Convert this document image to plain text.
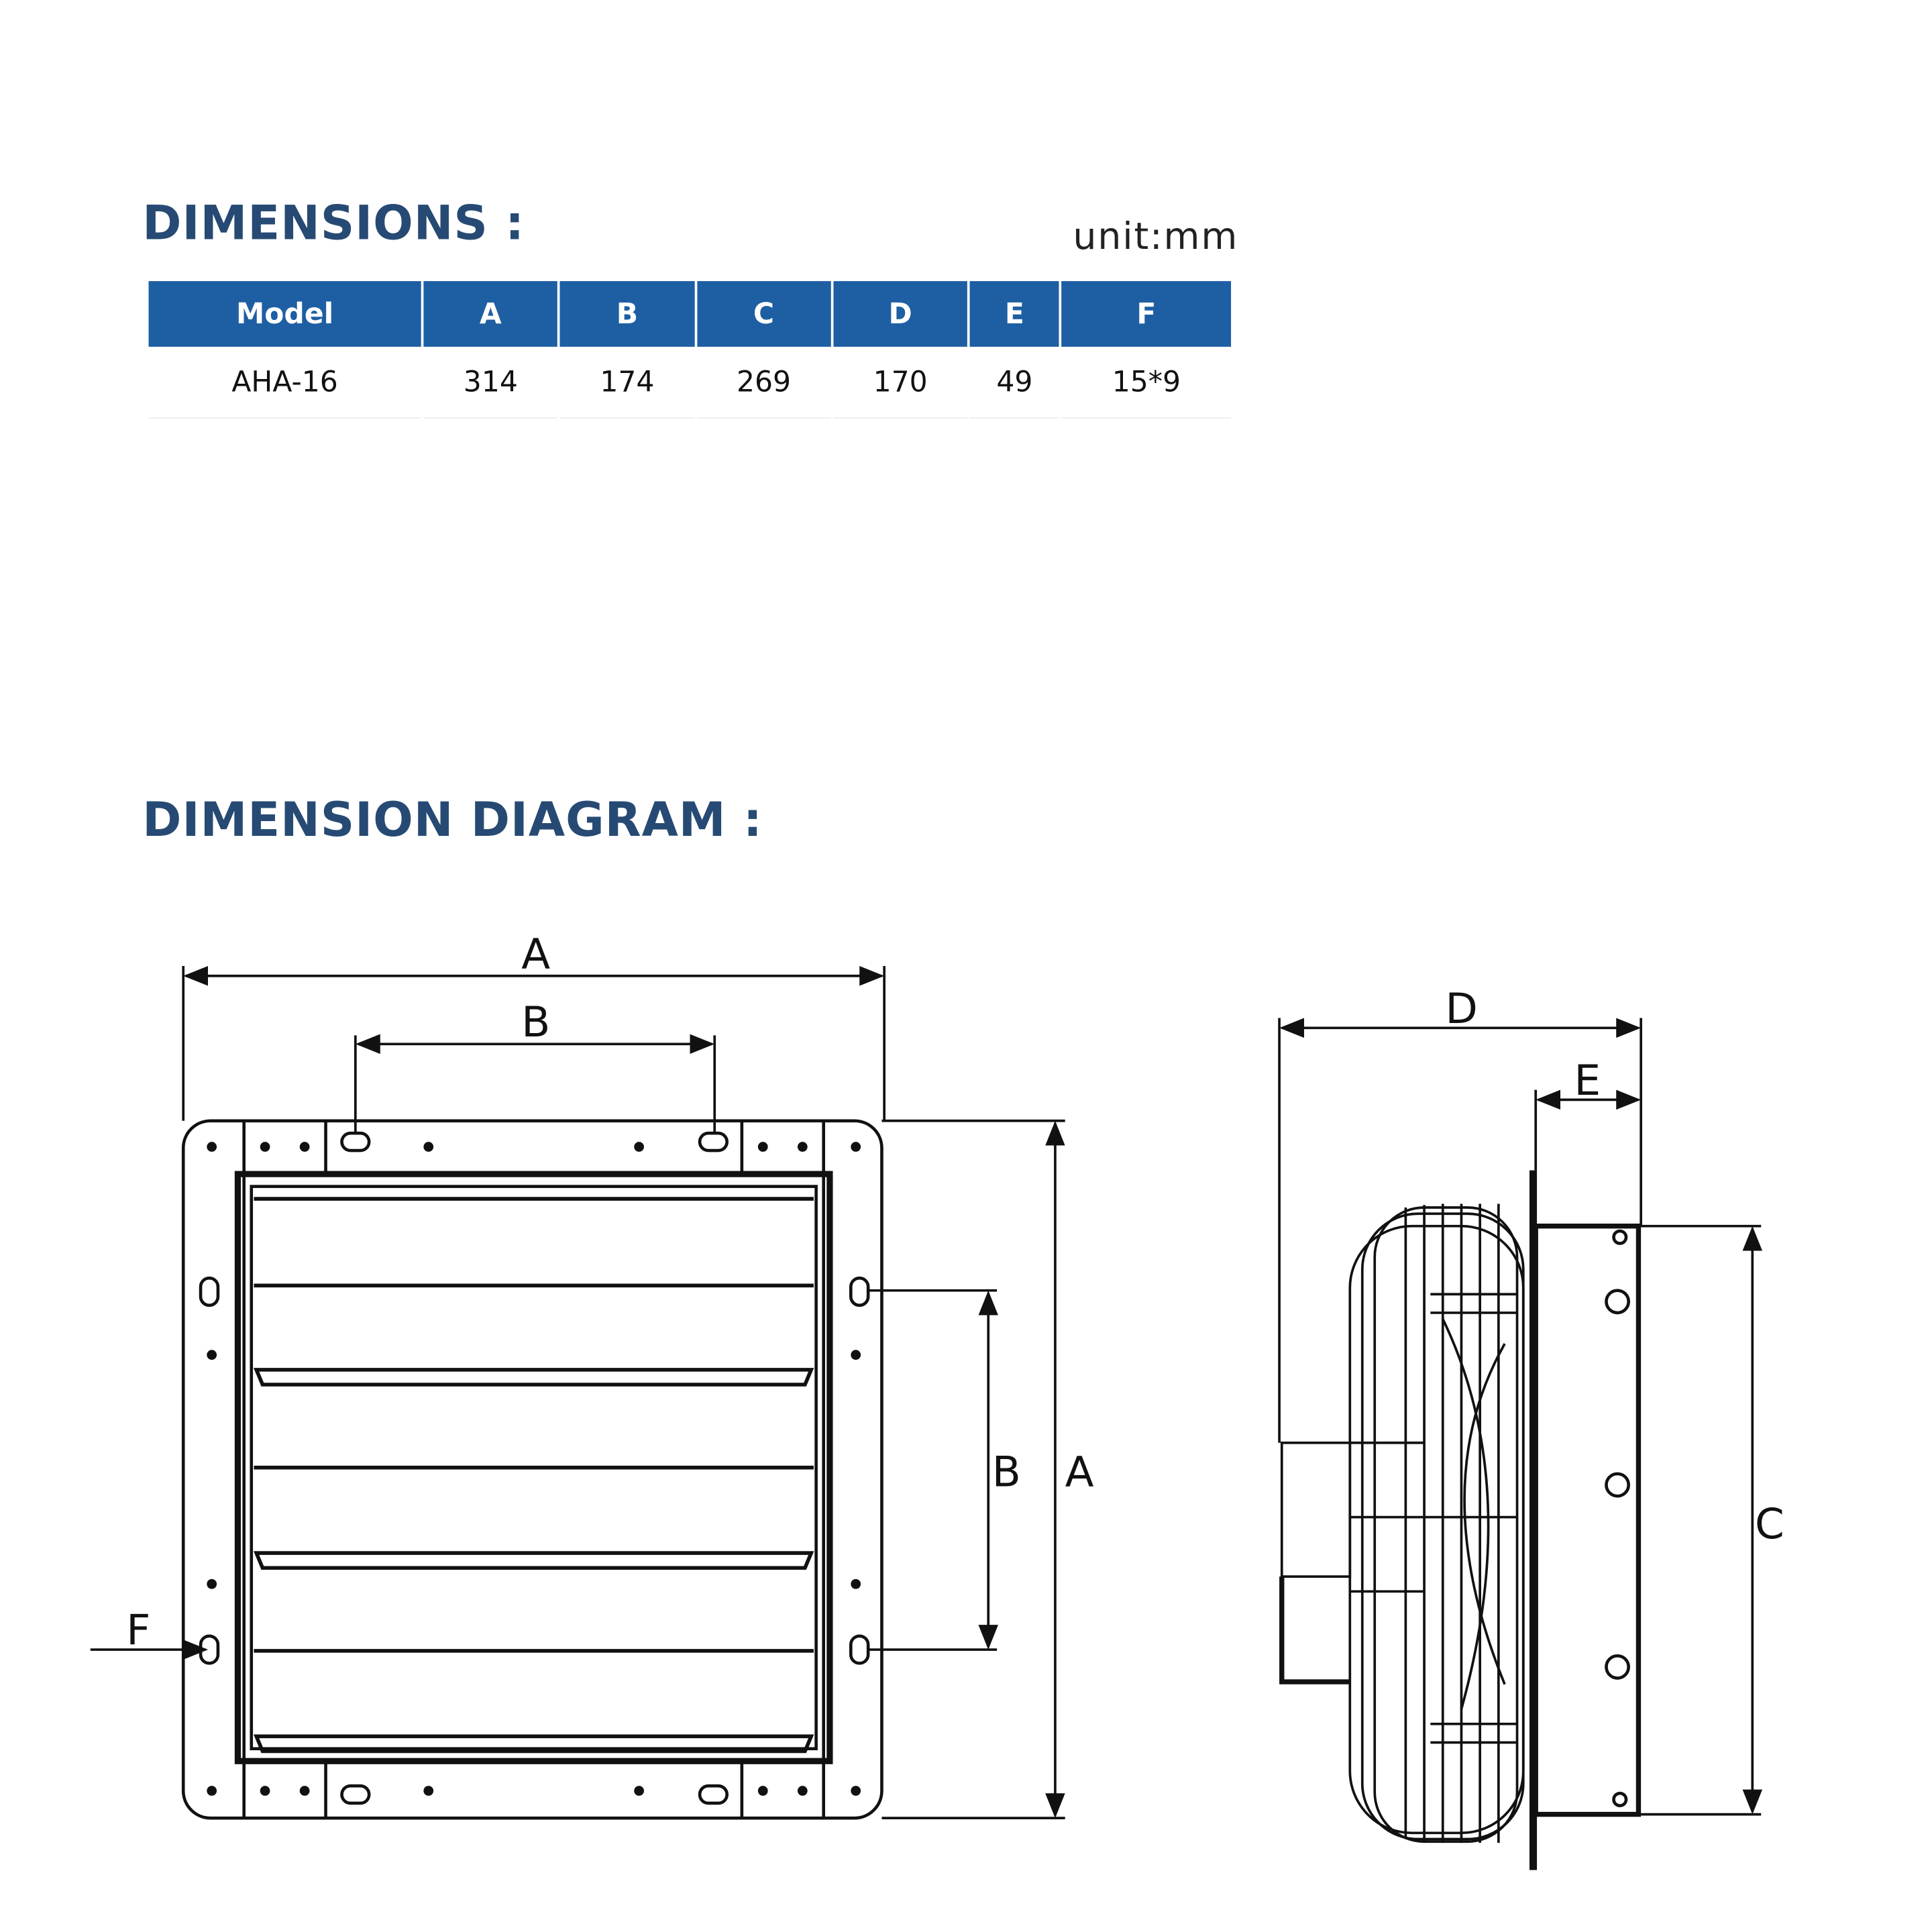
DIMENSIONS :	unit:mm
Model	A	B	C	D	E	F
AHA-16	314	174	269	170	49	15*9
DIMENSION DIAGRAM :
A
B
A
B
F
D
E
C
